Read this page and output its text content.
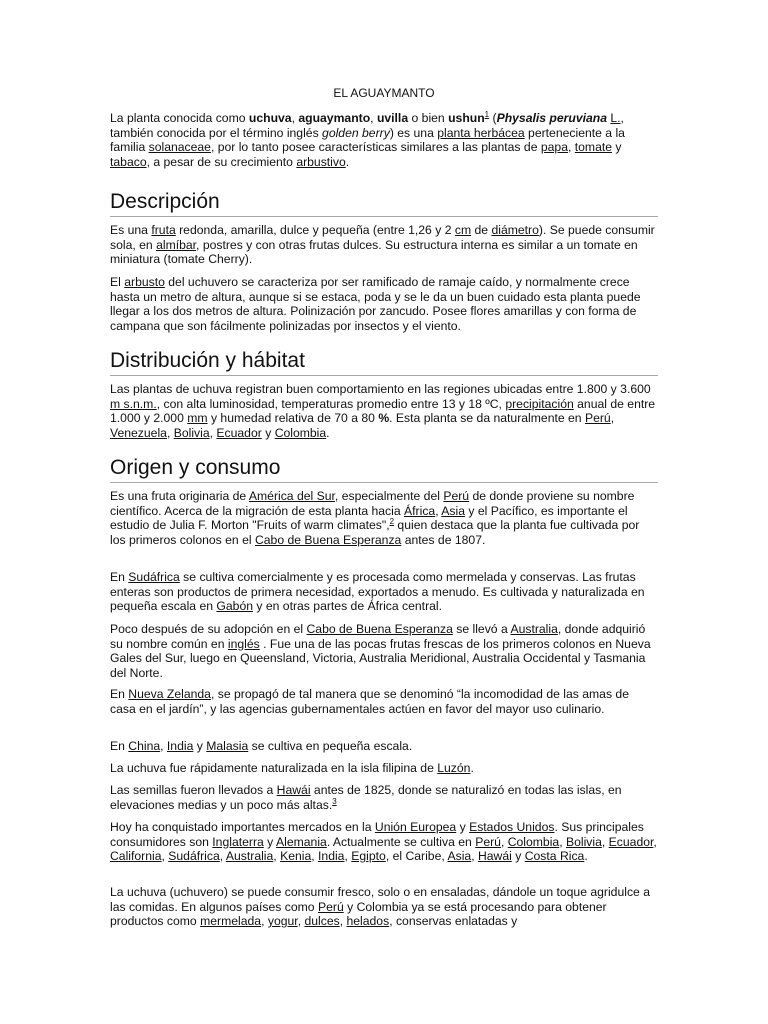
EL AGUAYMANTO

La planta conocida como uchuva, aguaymanto, uvilla o bien ushun$^1$ (Physalis peruviana L., también conocida por el término inglés golden berry) es una planta herbácea perteneciente a la familia solanaceae, por lo tanto posee características similares a las plantas de papa, tomate y tabaco, a pesar de su crecimiento arbustivo.

Descripción

Es una fruta redonda, amarilla, dulce y pequeña (entre 1,26 y 2 cm de diámetro). Se puede consumir sola, en almíbar, postres y con otras frutas dulces. Su estructura interna es similar a un tomate en miniatura (tomate Cherry).

El arbusto del uchuvero se caracteriza por ser ramificado de ramaje caído, y normalmente crece hasta un metro de altura, aunque si se estaca, poda y se le da un buen cuidado esta planta puede llegar a los dos metros de altura. Polinización por zancudo. Posee flores amarillas y con forma de campana que son fácilmente polinizadas por insectos y el viento.

Distribución y hábitat

Las plantas de uchuva registran buen comportamiento en las regiones ubicadas entre 1.800 y 3.600 m s.n.m., con alta luminosidad, temperaturas promedio entre 13 y 18 ºC, precipitación anual de entre 1.000 y 2.000 mm y humedad relativa de 70 a 80 %. Esta planta se da naturalmente en Perú, Venezuela, Bolivia, Ecuador y Colombia.

Origen y consumo

Es una fruta originaria de América del Sur, especialmente del Perú de donde proviene su nombre científico. Acerca de la migración de esta planta hacia África, Asia y el Pacífico, es importante el estudio de Julia F. Morton "Fruits of warm climates",$^2$ quien destaca que la planta fue cultivada por los primeros colonos en el Cabo de Buena Esperanza antes de 1807.

En Sudáfrica se cultiva comercialmente y es procesada como mermelada y conservas. Las frutas enteras son productos de primera necesidad, exportados a menudo. Es cultivada y naturalizada en pequeña escala en Gabón y en otras partes de África central.

Poco después de su adopción en el Cabo de Buena Esperanza se llevó a Australia, donde adquirió su nombre común en inglés . Fue una de las pocas frutas frescas de los primeros colonos en Nueva Gales del Sur, luego en Queensland, Victoria, Australia Meridional, Australia Occidental y Tasmania del Norte.

En Nueva Zelanda, se propagó de tal manera que se denominó “la incomodidad de las amas de casa en el jardín”, y las agencias gubernamentales actúen en favor del mayor uso culinario.

En China, India y Malasia se cultiva en pequeña escala.

La uchuva fue rápidamente naturalizada en la isla filipina de Luzón.

Las semillas fueron llevados a Hawái antes de 1825, donde se naturalizó en todas las islas, en elevaciones medias y un poco más altas.$^3$

Hoy ha conquistado importantes mercados en la Unión Europea y Estados Unidos. Sus principales consumidores son Inglaterra y Alemania. Actualmente se cultiva en Perú, Colombia, Bolivia, Ecuador, California, Sudáfrica, Australia, Kenia, India, Egipto, el Caribe, Asia, Hawái y Costa Rica.

La uchuva (uchuvero) se puede consumir fresco, solo o en ensaladas, dándole un toque agridulce a las comidas. En algunos países como Perú y Colombia ya se está procesando para obtener productos como mermelada, yogur, dulces, helados, conservas enlatadas y
